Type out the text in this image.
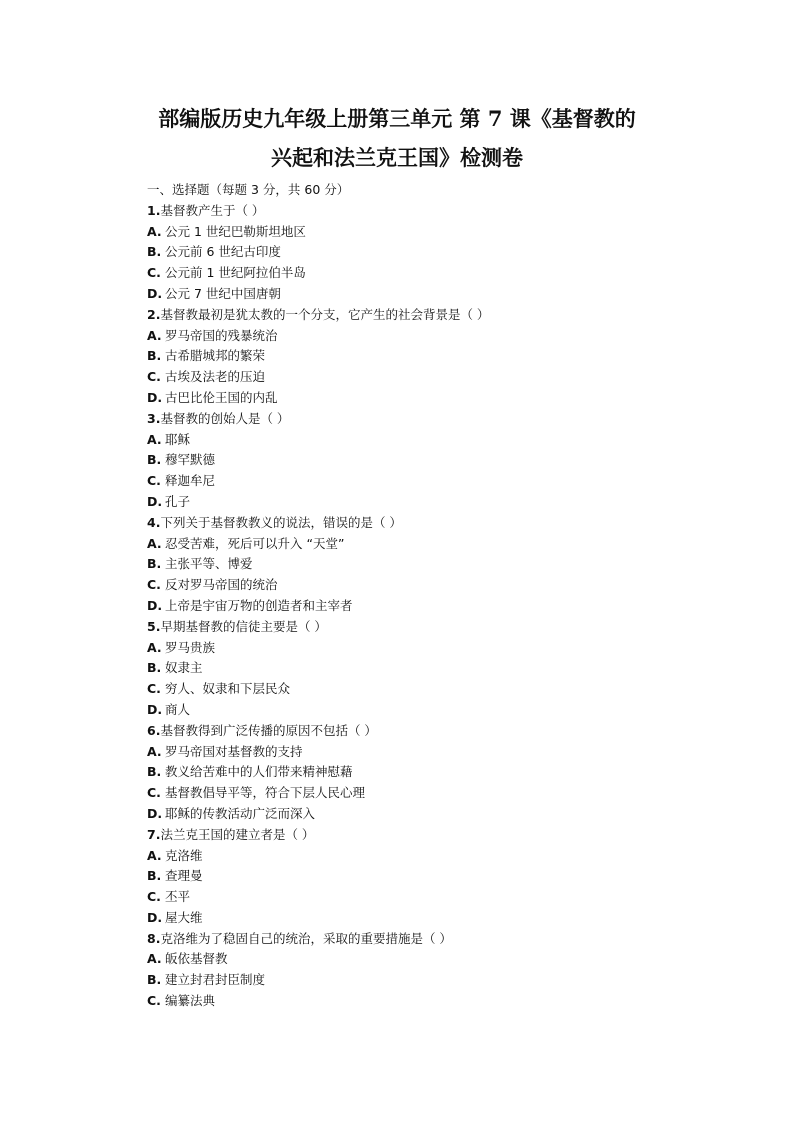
部编版历史九年级上册第三单元 第 7 课《基督教的
兴起和法兰克王国》检测卷
一、选择题（每题 3 分，共 60 分）
1.基督教产生于（ ）
A. 公元 1 世纪巴勒斯坦地区
B. 公元前 6 世纪古印度
C. 公元前 1 世纪阿拉伯半岛
D. 公元 7 世纪中国唐朝
2.基督教最初是犹太教的一个分支，它产生的社会背景是（ ）
A. 罗马帝国的残暴统治
B. 古希腊城邦的繁荣
C. 古埃及法老的压迫
D. 古巴比伦王国的内乱
3.基督教的创始人是（ ）
A. 耶稣
B. 穆罕默德
C. 释迦牟尼
D. 孔子
4.下列关于基督教教义的说法，错误的是（ ）
A. 忍受苦难，死后可以升入 “天堂”
B. 主张平等、博爱
C. 反对罗马帝国的统治
D. 上帝是宇宙万物的创造者和主宰者
5.早期基督教的信徒主要是（ ）
A. 罗马贵族
B. 奴隶主
C. 穷人、奴隶和下层民众
D. 商人
6.基督教得到广泛传播的原因不包括（ ）
A. 罗马帝国对基督教的支持
B. 教义给苦难中的人们带来精神慰藉
C. 基督教倡导平等，符合下层人民心理
D. 耶稣的传教活动广泛而深入
7.法兰克王国的建立者是（ ）
A. 克洛维
B. 查理曼
C. 丕平
D. 屋大维
8.克洛维为了稳固自己的统治，采取的重要措施是（ ）
A. 皈依基督教
B. 建立封君封臣制度
C. 编纂法典
